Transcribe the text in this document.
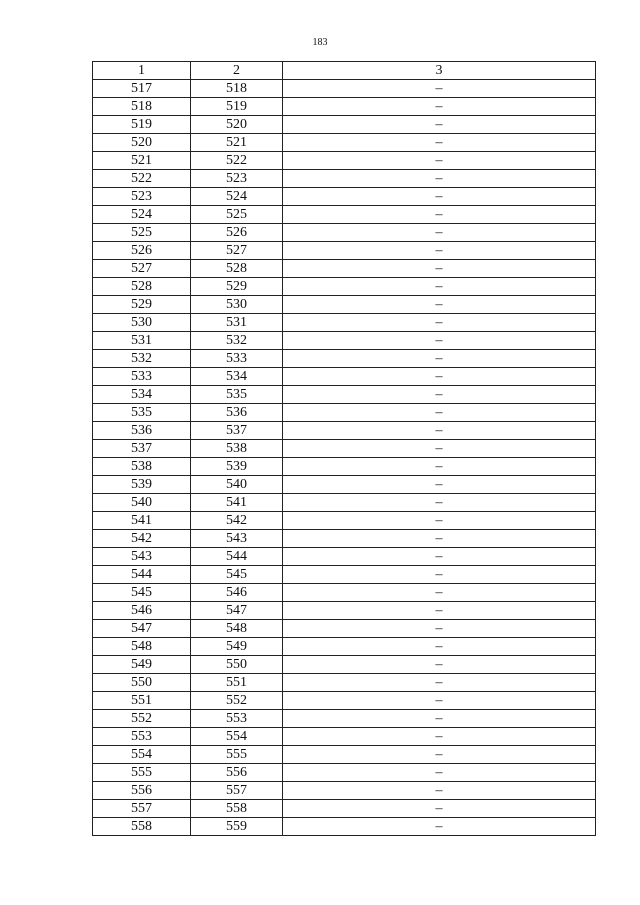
183
1	2	3
517	518	–
518	519	–
519	520	–
520	521	–
521	522	–
522	523	–
523	524	–
524	525	–
525	526	–
526	527	–
527	528	–
528	529	–
529	530	–
530	531	–
531	532	–
532	533	–
533	534	–
534	535	–
535	536	–
536	537	–
537	538	–
538	539	–
539	540	–
540	541	–
541	542	–
542	543	–
543	544	–
544	545	–
545	546	–
546	547	–
547	548	–
548	549	–
549	550	–
550	551	–
551	552	–
552	553	–
553	554	–
554	555	–
555	556	–
556	557	–
557	558	–
558	559	–
